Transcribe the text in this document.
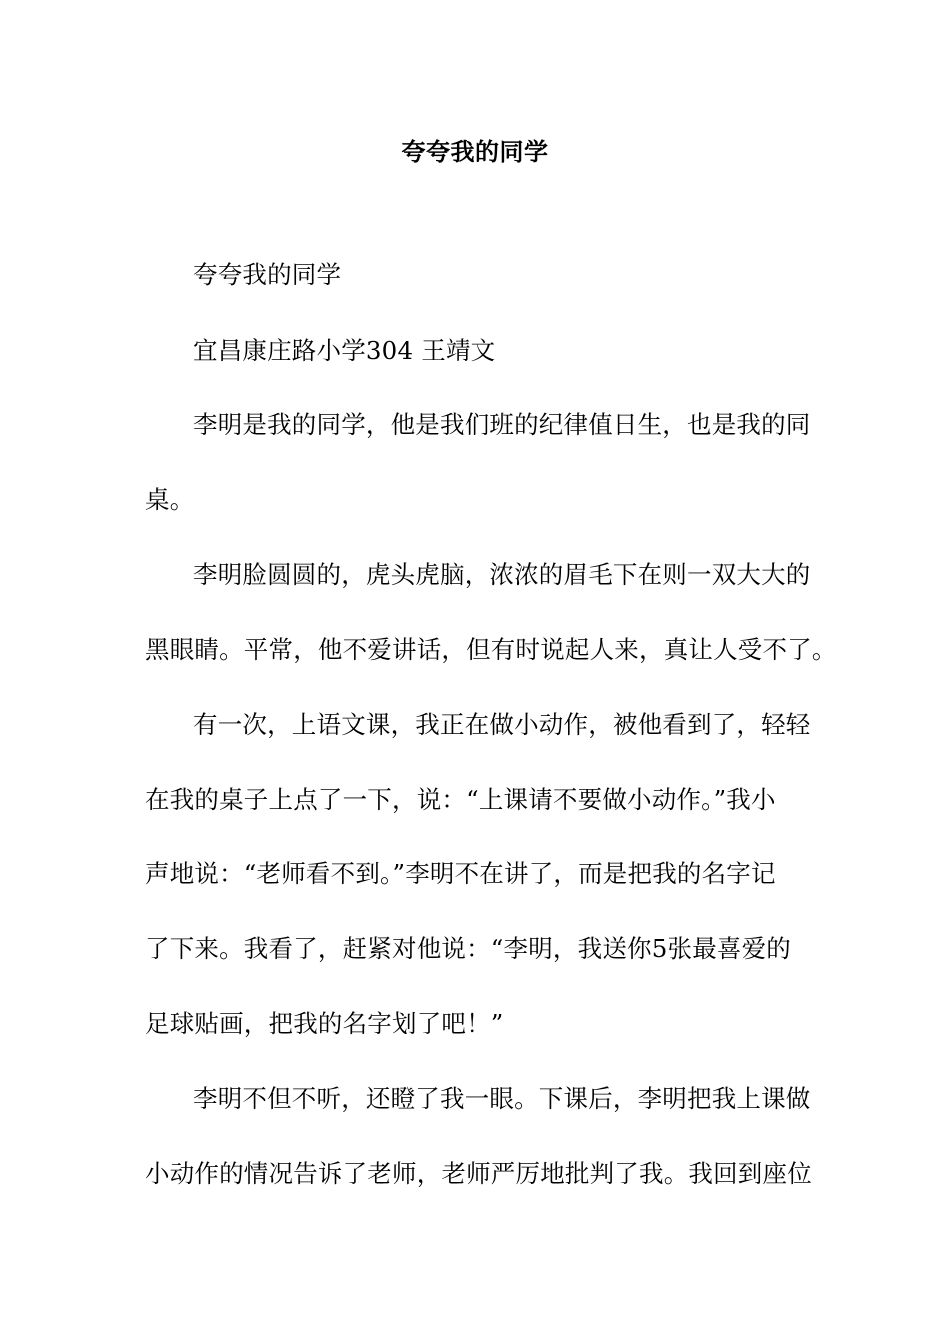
夸夸我的同学
夸夸我的同学
宜昌康庄路小学304 王靖文
李明是我的同学，他是我们班的纪律值日生，也是我的同
桌。
李明脸圆圆的，虎头虎脑，浓浓的眉毛下在则一双大大的
黑眼睛。平常，他不爱讲话，但有时说起人来，真让人受不了。
有一次，上语文课，我正在做小动作，被他看到了，轻轻
在我的桌子上点了一下，说：“上课请不要做小动作。”我小
声地说：“老师看不到。”李明不在讲了，而是把我的名字记
了下来。我看了，赶紧对他说：“李明，我送你5张最喜爱的
足球贴画，把我的名字划了吧！”
李明不但不听，还瞪了我一眼。下课后，李明把我上课做
小动作的情况告诉了老师，老师严厉地批判了我。我回到座位
